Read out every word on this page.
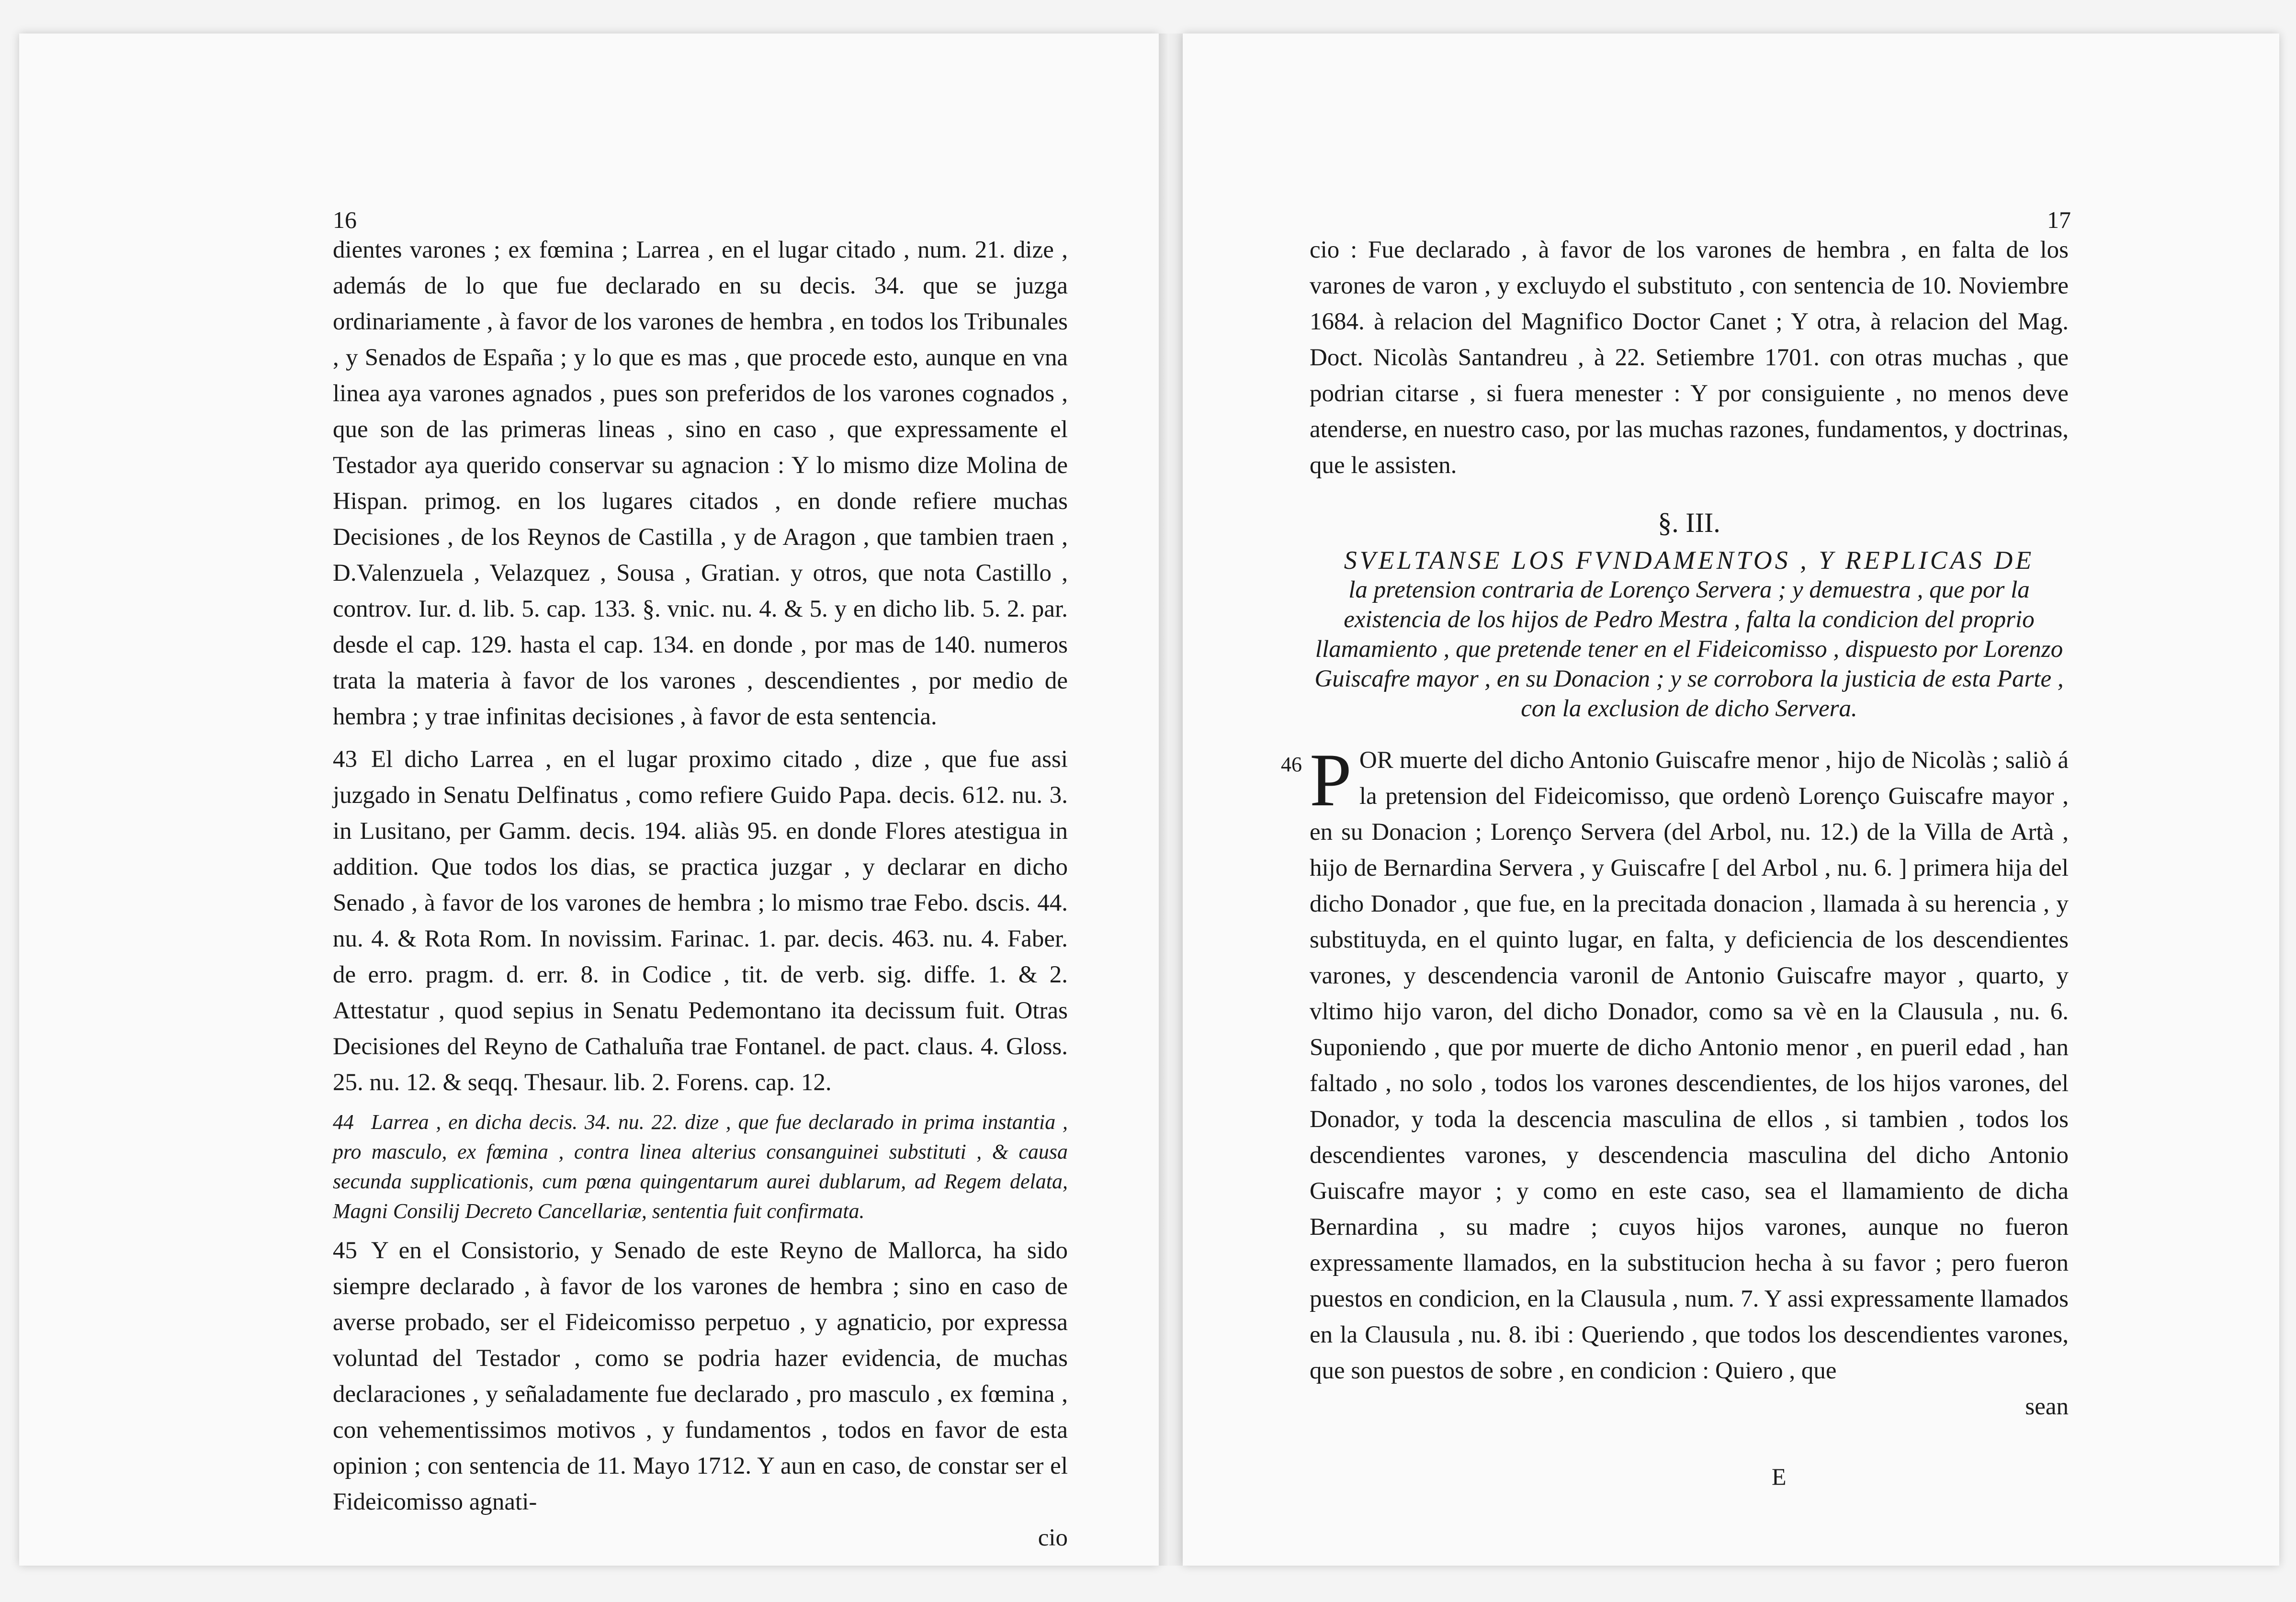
16

dientes varones ; ex fœmina ; Larrea , en el lugar citado , num. 21. dize , además de lo que fue declarado en su decis. 34. que se juzga ordinariamente , à favor de los varones de hembra , en todos los Tribunales , y Senados de España ; y lo que es mas , que procede esto, aunque en vna linea aya varones agnados , pues son preferidos de los varones cognados , que son de las primeras lineas , sino en caso , que expressamente el Testador aya querido conservar su agnacion : Y lo mismo dize Molina de Hispan. primog. en los lugares citados , en donde refiere muchas Decisiones , de los Reynos de Castilla , y de Aragon , que tambien traen , D.Valenzuela , Velazquez , Sousa , Gratian. y otros, que nota Castillo , controv. Iur. d. lib. 5. cap. 133. §. vnic. nu. 4. & 5. y en dicho lib. 5. 2. par. desde el cap. 129. hasta el cap. 134. en donde , por mas de 140. numeros trata la materia à favor de los varones , descendientes , por medio de hembra ; y trae infinitas decisiones , à favor de esta sentencia.

43 El dicho Larrea , en el lugar proximo citado , dize , que fue assi juzgado in Senatu Delfinatus , como refiere Guido Papa. decis. 612. nu. 3. in Lusitano, per Gamm. decis. 194. aliàs 95. en donde Flores atestigua in addition. Que todos los dias, se practica juzgar , y declarar en dicho Senado , à favor de los varones de hembra ; lo mismo trae Febo. dscis. 44. nu. 4. & Rota Rom. In novissim. Farinac. 1. par. decis. 463. nu. 4. Faber. de erro. pragm. d. err. 8. in Codice , tit. de verb. sig. diffe. 1. & 2. Attestatur , quod sepius in Senatu Pedemontano ita decissum fuit. Otras Decisiones del Reyno de Cathaluña trae Fontanel. de pact. claus. 4. Gloss. 25. nu. 12. & seqq. Thesaur. lib. 2. Forens. cap. 12.

44 Larrea , en dicha decis. 34. nu. 22. dize , que fue declarado in prima instantia , pro masculo, ex fœmina , contra linea alterius consanguinei substituti , & causa secunda supplicationis, cum pœna quingentarum aurei dublarum, ad Regem delata, Magni Consilij Decreto Cancellariæ, sententia fuit confirmata.

45 Y en el Consistorio, y Senado de este Reyno de Mallorca, ha sido siempre declarado , à favor de los varones de hembra ; sino en caso de averse probado, ser el Fideicomisso perpetuo , y agnaticio, por expressa voluntad del Testador , como se podria hazer evidencia, de muchas declaraciones , y señaladamente fue declarado , pro masculo , ex fœmina , con vehementissimos motivos , y fundamentos , todos en favor de esta opinion ; con sentencia de 11. Mayo 1712. Y aun en caso, de constar ser el Fideicomisso agnati-

cio

17

cio : Fue declarado , à favor de los varones de hembra , en falta de los varones de varon , y excluydo el substituto , con sentencia de 10. Noviembre 1684. à relacion del Magnifico Doctor Canet ; Y otra, à relacion del Mag. Doct. Nicolàs Santandreu , à 22. Setiembre 1701. con otras muchas , que podrian citarse , si fuera menester : Y por consiguiente , no menos deve atenderse, en nuestro caso, por las muchas razones, fundamentos, y doctrinas, que le assisten.

§. III.

SVELTANSE LOS FVNDAMENTOS , Y REPLICAS DE
la pretension contraria de Lorenço Servera ; y demuestra , que por la existencia de los hijos de Pedro Mestra , falta la condicion del proprio llamamiento , que pretende tener en el Fideicomisso , dispuesto por Lorenzo Guiscafre mayor , en su Donacion ; y se corrobora la justicia de esta Parte , con la exclusion de dicho Servera.

46 P OR muerte del dicho Antonio Guiscafre menor , hijo de Nicolàs ; saliò á la pretension del Fideicomisso, que ordenò Lorenço Guiscafre mayor , en su Donacion ; Lorenço Servera (del Arbol, nu. 12.) de la Villa de Artà , hijo de Bernardina Servera , y Guiscafre [ del Arbol , nu. 6. ] primera hija del dicho Donador , que fue, en la precitada donacion , llamada à su herencia , y substituyda, en el quinto lugar, en falta, y deficiencia de los descendientes varones, y descendencia varonil de Antonio Guiscafre mayor , quarto, y vltimo hijo varon, del dicho Donador, como sa vè en la Clausula , nu. 6. Suponiendo , que por muerte de dicho Antonio menor , en pueril edad , han faltado , no solo , todos los varones descendientes, de los hijos varones, del Donador, y toda la descencia masculina de ellos , si tambien , todos los descendientes varones, y descendencia masculina del dicho Antonio Guiscafre mayor ; y como en este caso, sea el llamamiento de dicha Bernardina , su madre ; cuyos hijos varones, aunque no fueron expressamente llamados, en la substitucion hecha à su favor ; pero fueron puestos en condicion, en la Clausula , num. 7. Y assi expressamente llamados en la Clausula , nu. 8. ibi : Queriendo , que todos los descendientes varones, que son puestos de sobre , en condicion : Quiero , que

sean

E
